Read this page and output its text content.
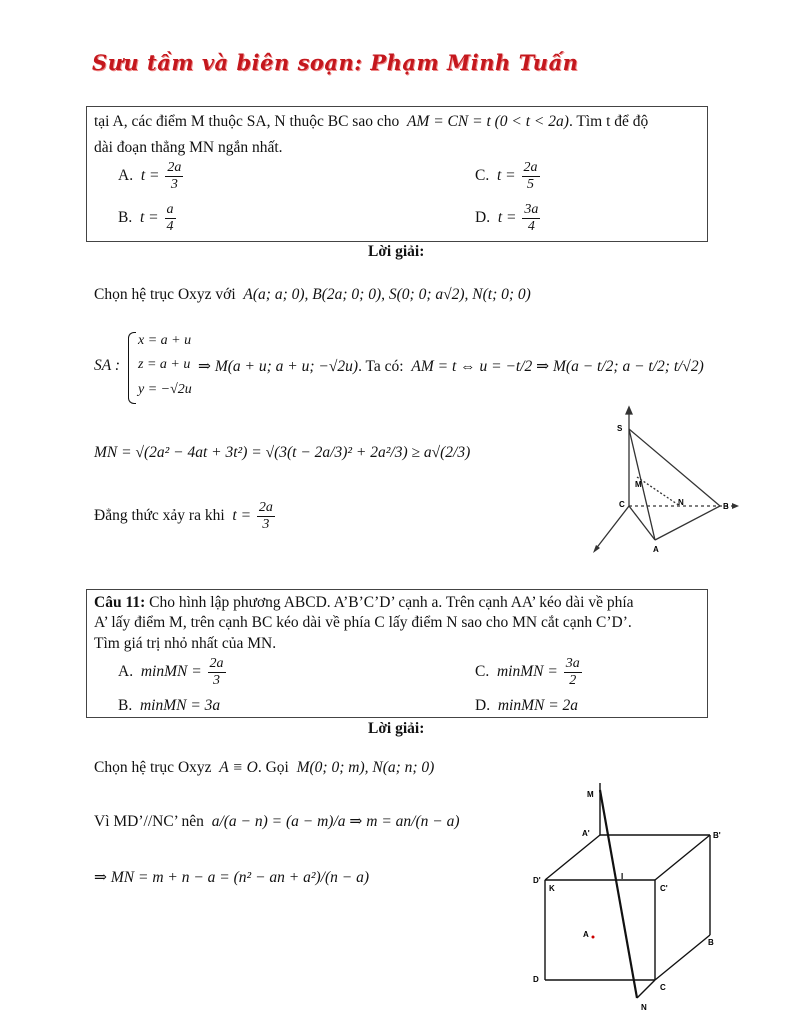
Sưu tầm và biên soạn: Phạm Minh Tuấn
tại A, các điểm M thuộc SA, N thuộc BC sao cho AM = CN = t (0 < t < 2a). Tìm t để độ
dài đoạn thẳng MN ngắn nhất.
A. $t = \frac{2a}{3}$	C. $t = \frac{2a}{5}$
B. $t = \frac{a}{4}$	D. $t = \frac{3a}{4}$
Lời giải:
Chọn hệ trục Oxyz với A(a; a; 0), B(2a; 0; 0), S(0; 0; a√2), N(t; 0; 0)
SA :
x = a + u
z = a + u
y = −√2u
⇒ M(a + u; a + u; −√2u). Ta có: AM = t ⇔ u = −t/2 ⇒ M(a − t/2; a − t/2; t/√2)
MN = √(2a² − 4at + 3t²) = √(3(t − 2a/3)² + 2a²/3) ≥ a√(2/3)
Đẳng thức xảy ra khi $t = \frac{2a}{3}$
S
M
N
C	B
A
Câu 11: Cho hình lập phương ABCD. A’B’C’D’ cạnh a. Trên cạnh AA’ kéo dài về phía
A’ lấy điểm M, trên cạnh BC kéo dài về phía C lấy điểm N sao cho MN cắt cạnh C’D’.
Tìm giá trị nhỏ nhất của MN.
A. minMN = $\frac{2a}{3}$	C. minMN = $\frac{3a}{2}$
B. minMN = 3a	D. minMN = 2a
Lời giải:
Chọn hệ trục Oxyz A ≡ O. Gọi M(0; 0; m), N(a; n; 0)
Vì MD’//NC’ nên a/(a − n) = (a − m)/a ⇒ m = an/(n − a)
⇒ MN = m + n − a = (n² − an + a²)/(n − a)
M
A'	B'
I
D'
K	C'
A
B
D
C
N
